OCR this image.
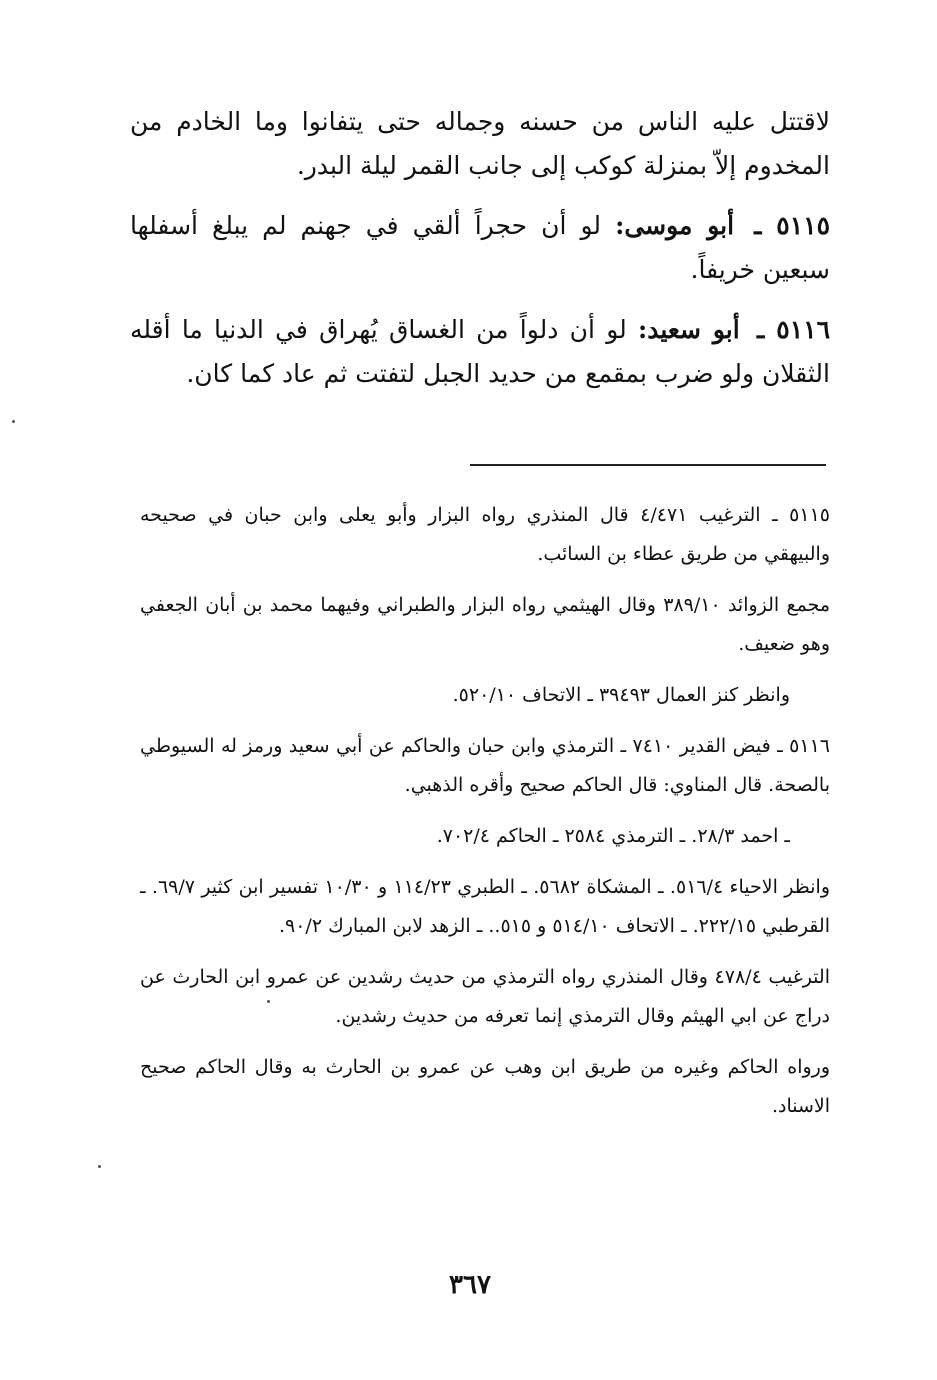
لاقتتل عليه الناس من حسنه وجماله حتى يتفانوا وما الخادم من المخدوم إلاّ بمنزلة كوكب إلى جانب القمر ليلة البدر.

٥١١٥ ـ أبو موسى: لو أن حجراً ألقي في جهنم لم يبلغ أسفلها سبعين خريفاً.

٥١١٦ ـ أبو سعيد: لو أن دلواً من الغساق يُهراق في الدنيا ما أقله الثقلان ولو ضرب بمقمع من حديد الجبل لتفتت ثم عاد كما كان.

٥١١٥ ـ الترغيب ٤/٤٧١ قال المنذري رواه البزار وأبو يعلى وابن حبان في صحيحه والبيهقي من طريق عطاء بن السائب.

مجمع الزوائد ٣٨٩/١٠ وقال الهيثمي رواه البزار والطبراني وفيهما محمد بن أبان الجعفي وهو ضعيف.

وانظر كنز العمال ٣٩٤٩٣ ـ الاتحاف ٥٢٠/١٠.

٥١١٦ ـ فيض القدير ٧٤١٠ ـ الترمذي وابن حبان والحاكم عن أبي سعيد ورمز له السيوطي بالصحة. قال المناوي: قال الحاكم صحيح وأقره الذهبي.

ـ احمد ٢٨/٣. ـ الترمذي ٢٥٨٤ ـ الحاكم ٧٠٢/٤.

وانظر الاحياء ٥١٦/٤. ـ المشكاة ٥٦٨٢. ـ الطبري ١١٤/٢٣ و ١٠/٣٠ تفسير ابن كثير ٦٩/٧. ـ القرطبي ٢٢٢/١٥. ـ الاتحاف ٥١٤/١٠ و ٥١٥.. ـ الزهد لابن المبارك ٩٠/٢.

الترغيب ٤٧٨/٤ وقال المنذري رواه الترمذي من حديث رشدين عن عمرو ابن الحارث عن دراج عن ابي الهيثم وقال الترمذي إنما تعرفه من حديث رشدين.

ورواه الحاكم وغيره من طريق ابن وهب عن عمرو بن الحارث به وقال الحاكم صحيح الاسناد.

٣٦٧
